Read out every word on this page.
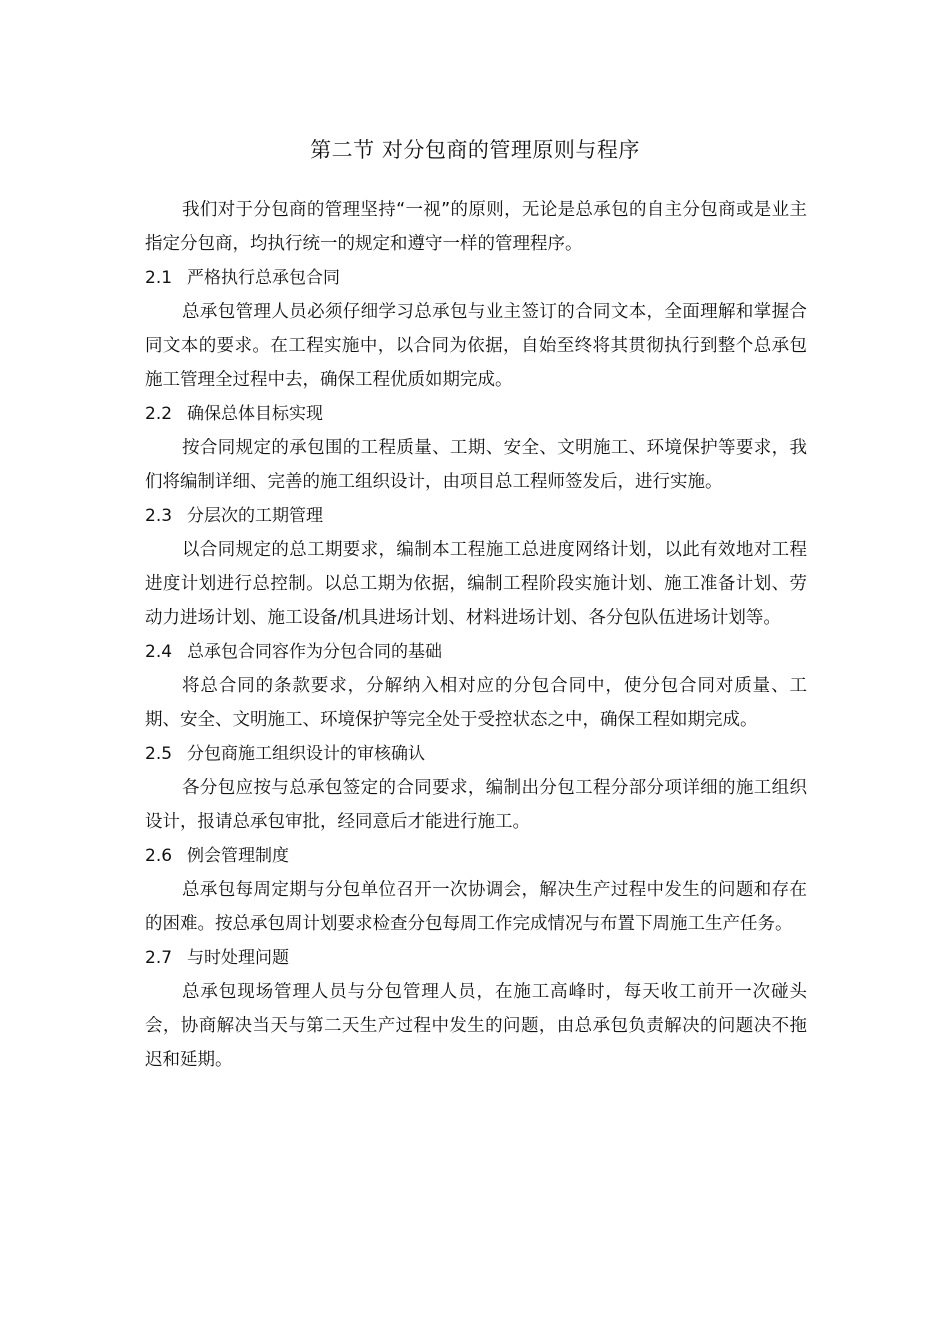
第二节 对分包商的管理原则与程序

我们对于分包商的管理坚持“一视”的原则，无论是总承包的自主分包商或是业主指定分包商，均执行统一的规定和遵守一样的管理程序。

2.1 严格执行总承包合同

总承包管理人员必须仔细学习总承包与业主签订的合同文本，全面理解和掌握合同文本的要求。在工程实施中，以合同为依据，自始至终将其贯彻执行到整个总承包施工管理全过程中去，确保工程优质如期完成。

2.2 确保总体目标实现

按合同规定的承包围的工程质量、工期、安全、文明施工、环境保护等要求，我们将编制详细、完善的施工组织设计，由项目总工程师签发后，进行实施。

2.3 分层次的工期管理

以合同规定的总工期要求，编制本工程施工总进度网络计划，以此有效地对工程进度计划进行总控制。以总工期为依据，编制工程阶段实施计划、施工准备计划、劳动力进场计划、施工设备/机具进场计划、材料进场计划、各分包队伍进场计划等。

2.4 总承包合同容作为分包合同的基础

将总合同的条款要求，分解纳入相对应的分包合同中，使分包合同对质量、工期、安全、文明施工、环境保护等完全处于受控状态之中，确保工程如期完成。

2.5 分包商施工组织设计的审核确认

各分包应按与总承包签定的合同要求，编制出分包工程分部分项详细的施工组织设计，报请总承包审批，经同意后才能进行施工。

2.6 例会管理制度

总承包每周定期与分包单位召开一次协调会，解决生产过程中发生的问题和存在的困难。按总承包周计划要求检查分包每周工作完成情况与布置下周施工生产任务。

2.7 与时处理问题

总承包现场管理人员与分包管理人员，在施工高峰时，每天收工前开一次碰头会，协商解决当天与第二天生产过程中发生的问题，由总承包负责解决的问题决不拖迟和延期。
